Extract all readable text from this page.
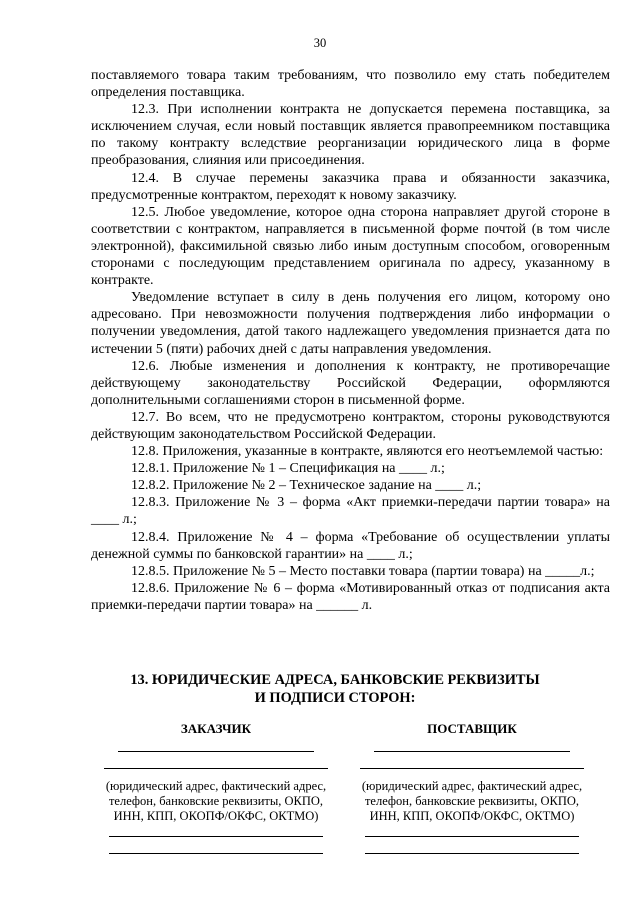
30

поставляемого товара таким требованиям, что позволило ему стать победителем определения поставщика.

12.3. При исполнении контракта не допускается перемена поставщика, за исключением случая, если новый поставщик является правопреемником поставщика по такому контракту вследствие реорганизации юридического лица в форме преобразования, слияния или присоединения.

12.4. В случае перемены заказчика права и обязанности заказчика, предусмотренные контрактом, переходят к новому заказчику.

12.5. Любое уведомление, которое одна сторона направляет другой стороне в соответствии с контрактом, направляется в письменной форме почтой (в том числе электронной), факсимильной связью либо иным доступным способом, оговоренным сторонами с последующим представлением оригинала по адресу, указанному в контракте.

Уведомление вступает в силу в день получения его лицом, которому оно адресовано. При невозможности получения подтверждения либо информации о получении уведомления, датой такого надлежащего уведомления признается дата по истечении 5 (пяти) рабочих дней с даты направления уведомления.

12.6. Любые изменения и дополнения к контракту, не противоречащие действующему законодательству Российской Федерации, оформляются дополнительными соглашениями сторон в письменной форме.

12.7. Во всем, что не предусмотрено контрактом, стороны руководствуются действующим законодательством Российской Федерации.

12.8. Приложения, указанные в контракте, являются его неотъемлемой частью:

12.8.1. Приложение № 1 – Спецификация на ____ л.;

12.8.2. Приложение № 2 – Техническое задание на ____ л.;

12.8.3. Приложение № 3 – форма «Акт приемки-передачи партии товара» на ____ л.;

12.8.4. Приложение № 4 – форма «Требование об осуществлении уплаты денежной суммы по банковской гарантии» на ____ л.;

12.8.5. Приложение № 5 – Место поставки товара (партии товара) на _____л.;

12.8.6. Приложение № 6 – форма «Мотивированный отказ от подписания акта приемки-передачи партии товара» на ______ л.

13. ЮРИДИЧЕСКИЕ АДРЕСА, БАНКОВСКИЕ РЕКВИЗИТЫ
И ПОДПИСИ СТОРОН:
ЗАКАЗЧИК
(юридический адрес, фактический адрес,
телефон, банковские реквизиты, ОКПО,
ИНН, КПП, ОКОПФ/ОКФС, ОКТМО)
ПОСТАВЩИК
(юридический адрес, фактический адрес,
телефон, банковские реквизиты, ОКПО,
ИНН, КПП, ОКОПФ/ОКФС, ОКТМО)
